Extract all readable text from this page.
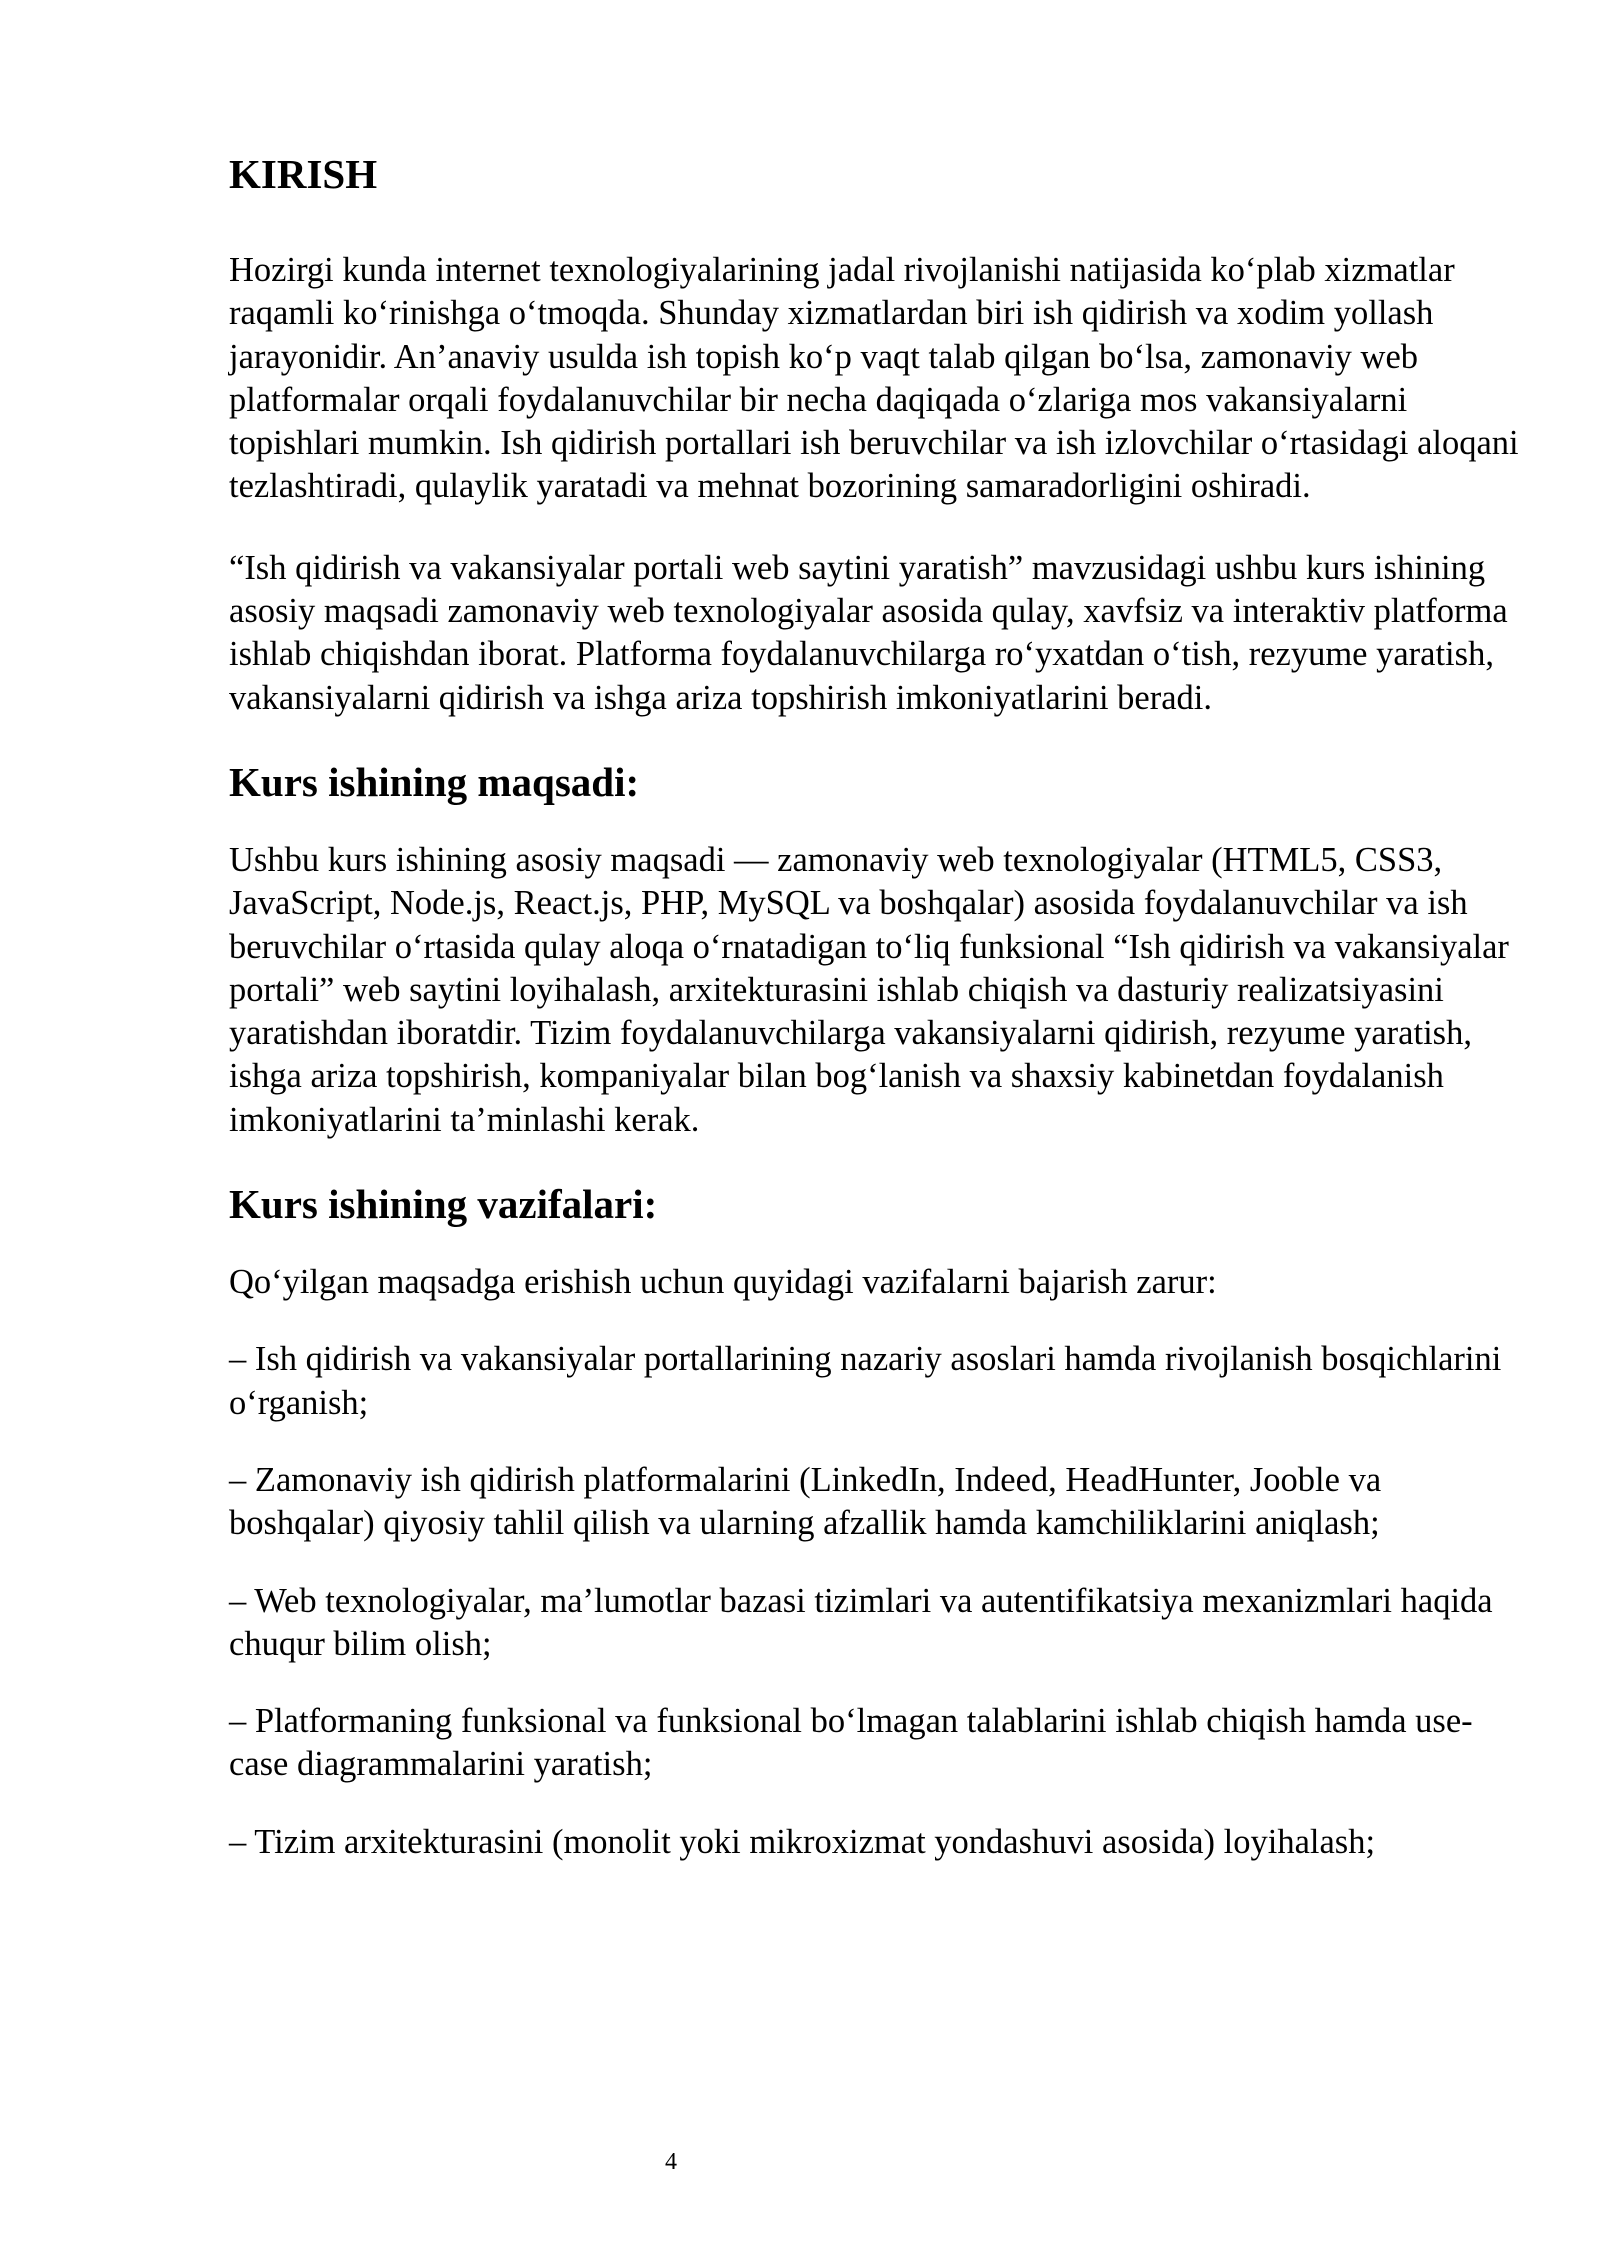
KIRISH
Hozirgi kunda internet texnologiyalarining jadal rivojlanishi natijasida ko‘plab xizmatlar raqamli ko‘rinishga o‘tmoqda. Shunday xizmatlardan biri ish qidirish va xodim yollash jarayonidir. An’anaviy usulda ish topish ko‘p vaqt talab qilgan bo‘lsa, zamonaviy web platformalar orqali foydalanuvchilar bir necha daqiqada o‘zlariga mos vakansiyalarni topishlari mumkin. Ish qidirish portallari ish beruvchilar va ish izlovchilar o‘rtasidagi aloqani tezlashtiradi, qulaylik yaratadi va mehnat bozorining samaradorligini oshiradi.
“Ish qidirish va vakansiyalar portali web saytini yaratish” mavzusidagi ushbu kurs ishining asosiy maqsadi zamonaviy web texnologiyalar asosida qulay, xavfsiz va interaktiv platforma ishlab chiqishdan iborat. Platforma foydalanuvchilarga ro‘yxatdan o‘tish, rezyume yaratish, vakansiyalarni qidirish va ishga ariza topshirish imkoniyatlarini beradi.
Kurs ishining maqsadi:
Ushbu kurs ishining asosiy maqsadi — zamonaviy web texnologiyalar (HTML5, CSS3, JavaScript, Node.js, React.js, PHP, MySQL va boshqalar) asosida foydalanuvchilar va ish beruvchilar o‘rtasida qulay aloqa o‘rnatadigan to‘liq funksional “Ish qidirish va vakansiyalar portali” web saytini loyihalash, arxitekturasini ishlab chiqish va dasturiy realizatsiyasini yaratishdan iboratdir. Tizim foydalanuvchilarga vakansiyalarni qidirish, rezyume yaratish, ishga ariza topshirish, kompaniyalar bilan bog‘lanish va shaxsiy kabinetdan foydalanish imkoniyatlarini ta’minlashi kerak.
Kurs ishining vazifalari:
Qo‘yilgan maqsadga erishish uchun quyidagi vazifalarni bajarish zarur:
– Ish qidirish va vakansiyalar portallarining nazariy asoslari hamda rivojlanish bosqichlarini o‘rganish;
– Zamonaviy ish qidirish platformalarini (LinkedIn, Indeed, HeadHunter, Jooble va boshqalar) qiyosiy tahlil qilish va ularning afzallik hamda kamchiliklarini aniqlash;
– Web texnologiyalar, ma’lumotlar bazasi tizimlari va autentifikatsiya mexanizmlari haqida chuqur bilim olish;
– Platformaning funksional va funksional bo‘lmagan talablarini ishlab chiqish hamda use-case diagrammalarini yaratish;
– Tizim arxitekturasini (monolit yoki mikroxizmat yondashuvi asosida) loyihalash;
4
